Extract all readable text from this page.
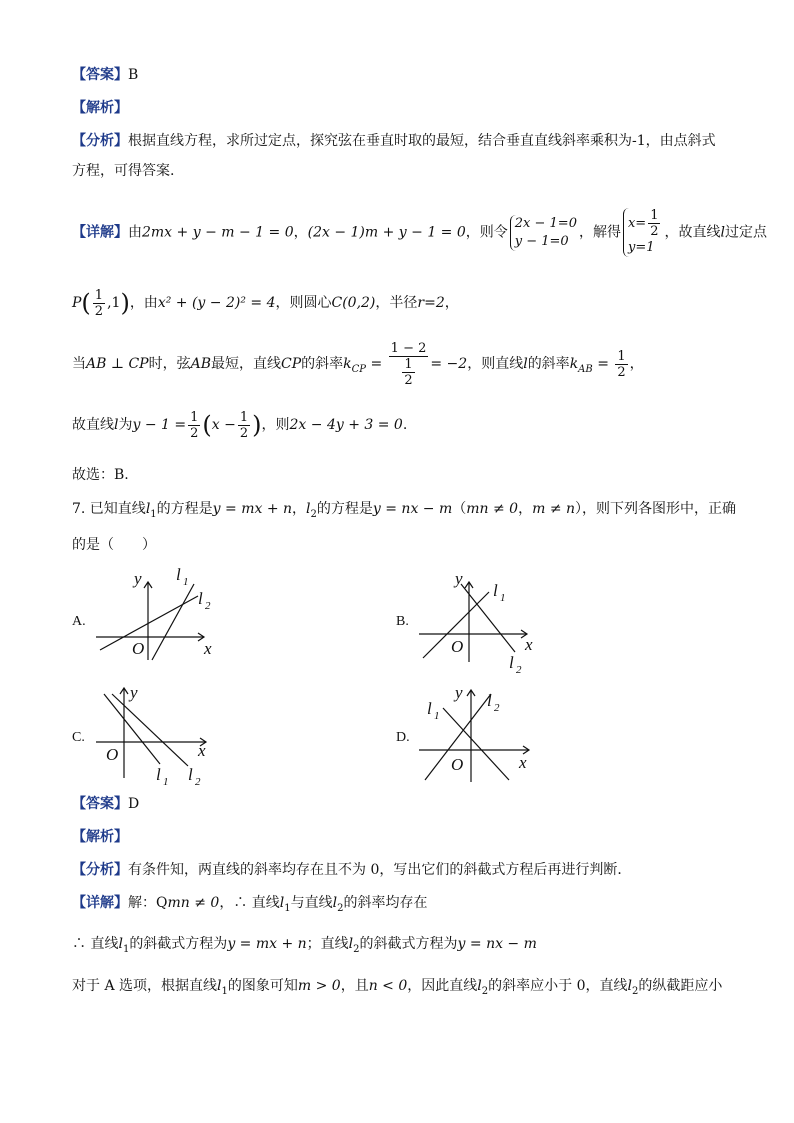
【答案】B
【解析】
【分析】根据直线方程，求所过定点，探究弦在垂直时取的最短，结合垂直直线斜率乘积为-1，由点斜式
方程，可得答案.
【详解】由2mx + y − m − 1 = 0，(2x − 1)m + y − 1 = 0，则令2x − 1=0
y − 1=0，解得$x= \frac{1}{2}$

y=1，故直线l过定点
$P( \frac{1}{2} ,1)$，由x² + (y − 2)² = 4，则圆心C(0,2)，半径r=2，
当AB ⊥ CP时，弦AB最短，直线CP的斜率$k_{CP} = \frac{1 - 2}{\frac{1}{2}} = -2$，则直线l的斜率$k_{AB} = \frac{1}{2}$ ，
故直线l为$y - 1 = \frac{1}{2} (x - \frac{1}{2}$ )，则2x − 4y + 3 = 0.
故选：B.
7. 已知直线$l_1$的方程是y = mx + n，$l_2$的方程是y = nx − m（mn ≠ 0，m ≠ n），则下列各图形中，正确
的是（　　）
A.	B.
C.	D.
x
y
O
l 1
l 2
x
y
O
l 1
l 2
x
y
O
l 1 l 2
x
y
O
l 1
l 2
【答案】D
【解析】
【分析】有条件知，两直线的斜率均存在且不为 0，写出它们的斜截式方程后再进行判断．
【详解】解：Qmn ≠ 0，∴ 直线$l_1$与直线$l_2$的斜率均存在
∴ 直线$l_1$的斜截式方程为y = mx + n；直线$l_2$的斜截式方程为y = nx − m
对于 A 选项，根据直线$l_1$的图象可知m > 0，且n < 0，因此直线$l_2$的斜率应小于 0，直线$l_2$的纵截距应小
